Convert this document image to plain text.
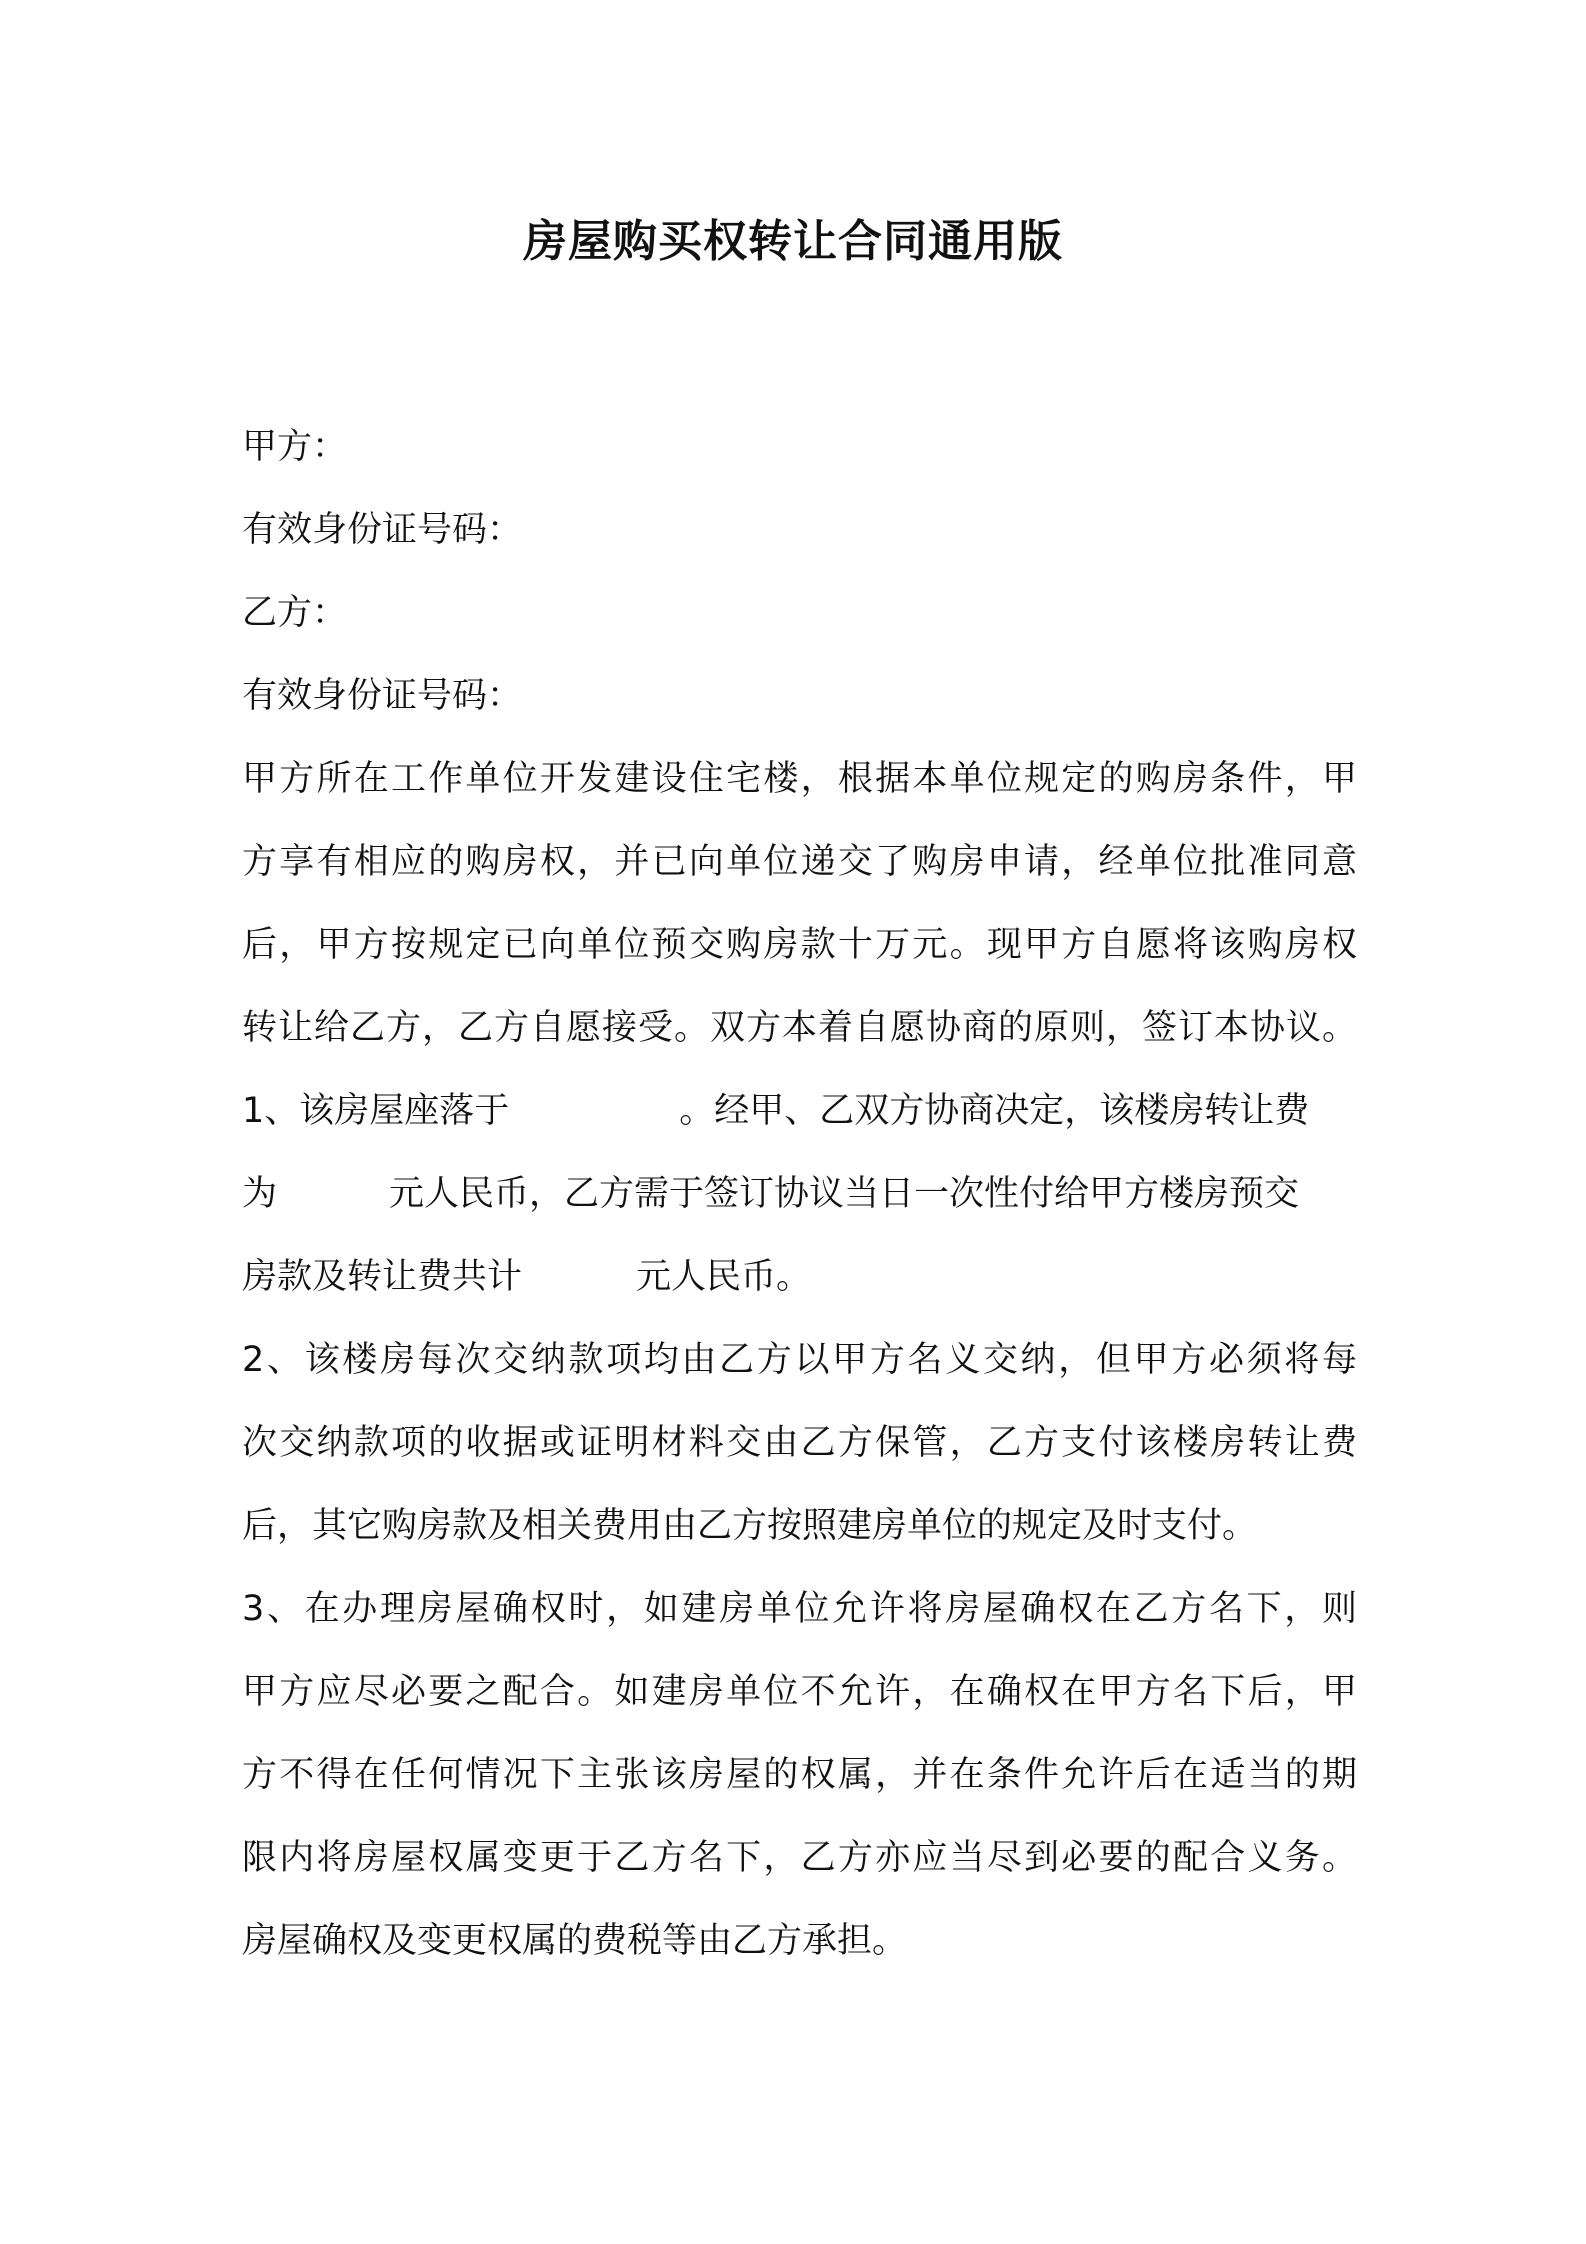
房屋购买权转让合同通用版
甲方：
有效身份证号码：
乙方：
有效身份证号码：
甲方所在工作单位开发建设住宅楼，根据本单位规定的购房条件，甲
方享有相应的购房权，并已向单位递交了购房申请，经单位批准同意
后，甲方按规定已向单位预交购房款十万元。现甲方自愿将该购房权
转让给乙方，乙方自愿接受。双方本着自愿协商的原则，签订本协议。
1、该房屋座落于	。经甲、乙双方协商决定，该楼房转让费
为	元人民币，乙方需于签订协议当日一次性付给甲方楼房预交
房款及转让费共计	元人民币。
2、该楼房每次交纳款项均由乙方以甲方名义交纳，但甲方必须将每
次交纳款项的收据或证明材料交由乙方保管，乙方支付该楼房转让费
后，其它购房款及相关费用由乙方按照建房单位的规定及时支付。
3、在办理房屋确权时，如建房单位允许将房屋确权在乙方名下，则
甲方应尽必要之配合。如建房单位不允许，在确权在甲方名下后，甲
方不得在任何情况下主张该房屋的权属，并在条件允许后在适当的期
限内将房屋权属变更于乙方名下，乙方亦应当尽到必要的配合义务。
房屋确权及变更权属的费税等由乙方承担。
